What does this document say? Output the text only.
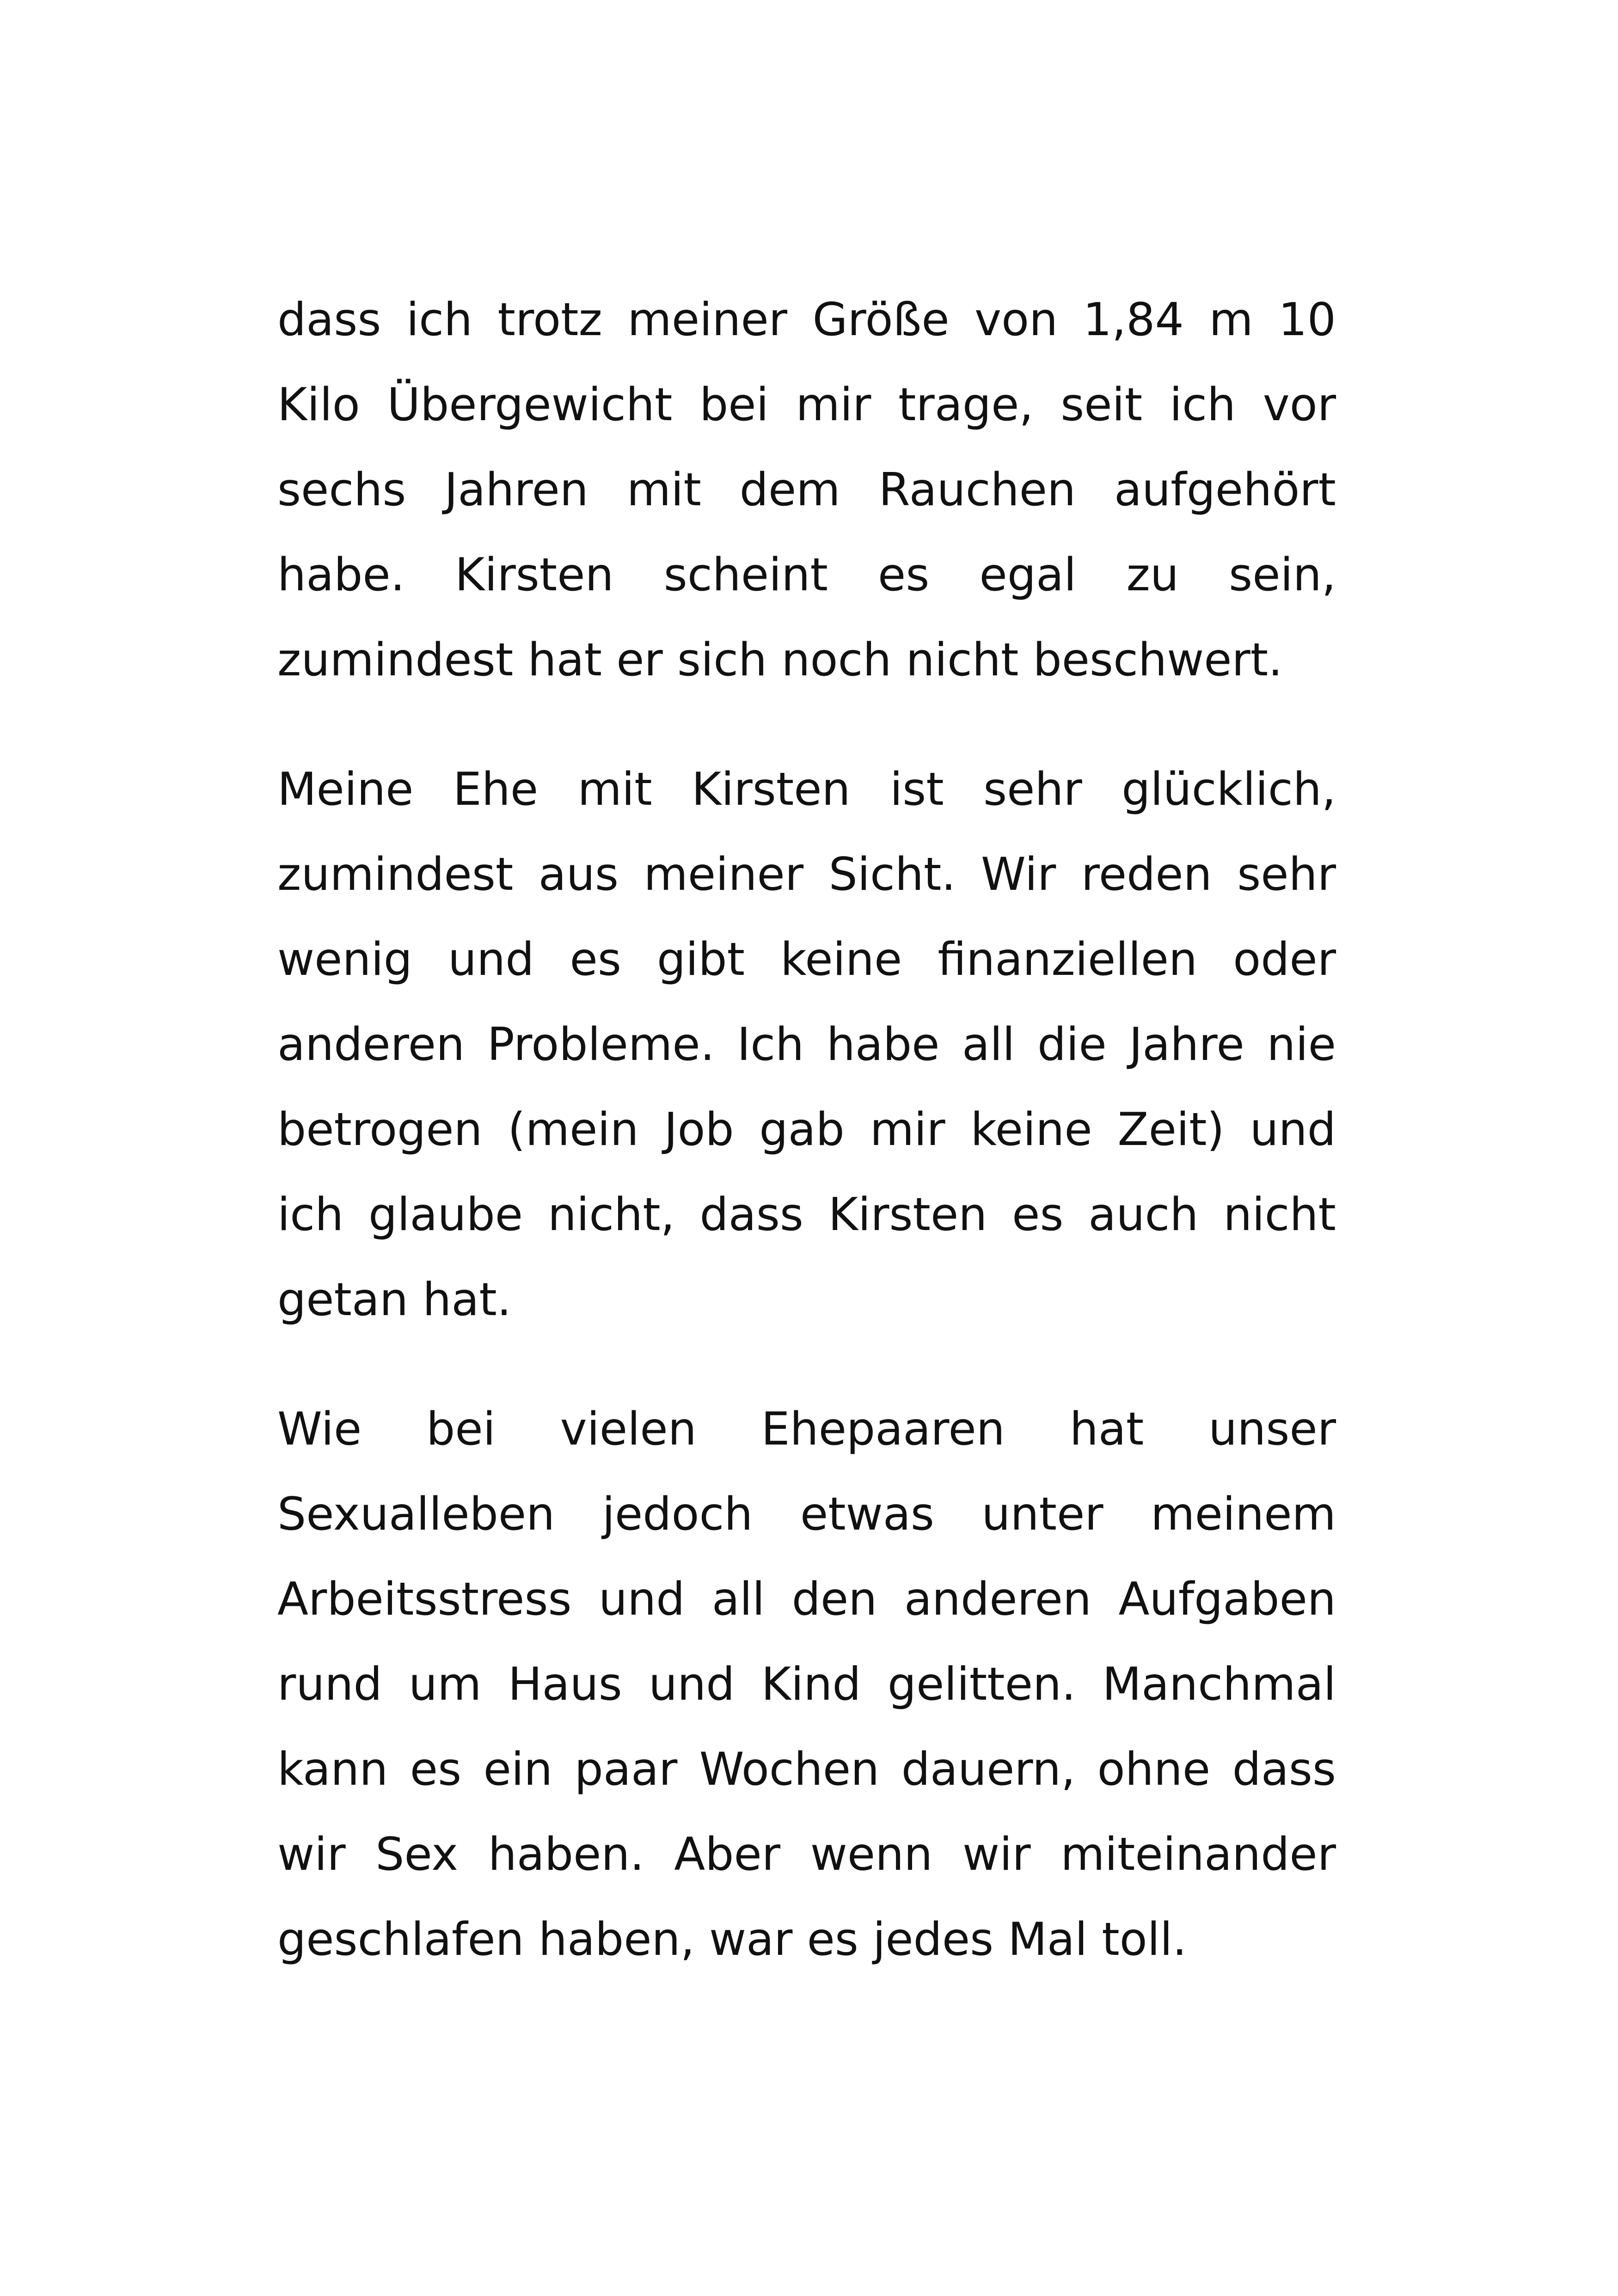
dass ich trotz meiner Größe von 1,84 m 10 Kilo Übergewicht bei mir trage, seit ich vor sechs Jahren mit dem Rauchen aufgehört habe. Kirsten scheint es egal zu sein, zumindest hat er sich noch nicht beschwert.

Meine Ehe mit Kirsten ist sehr glücklich, zumindest aus meiner Sicht. Wir reden sehr wenig und es gibt keine finanziellen oder anderen Probleme. Ich habe all die Jahre nie betrogen (mein Job gab mir keine Zeit) und ich glaube nicht, dass Kirsten es auch nicht getan hat.

Wie bei vielen Ehepaaren hat unser Sexualleben jedoch etwas unter meinem Arbeitsstress und all den anderen Aufgaben rund um Haus und Kind gelitten. Manchmal kann es ein paar Wochen dauern, ohne dass wir Sex haben. Aber wenn wir miteinander geschlafen haben, war es jedes Mal toll.
